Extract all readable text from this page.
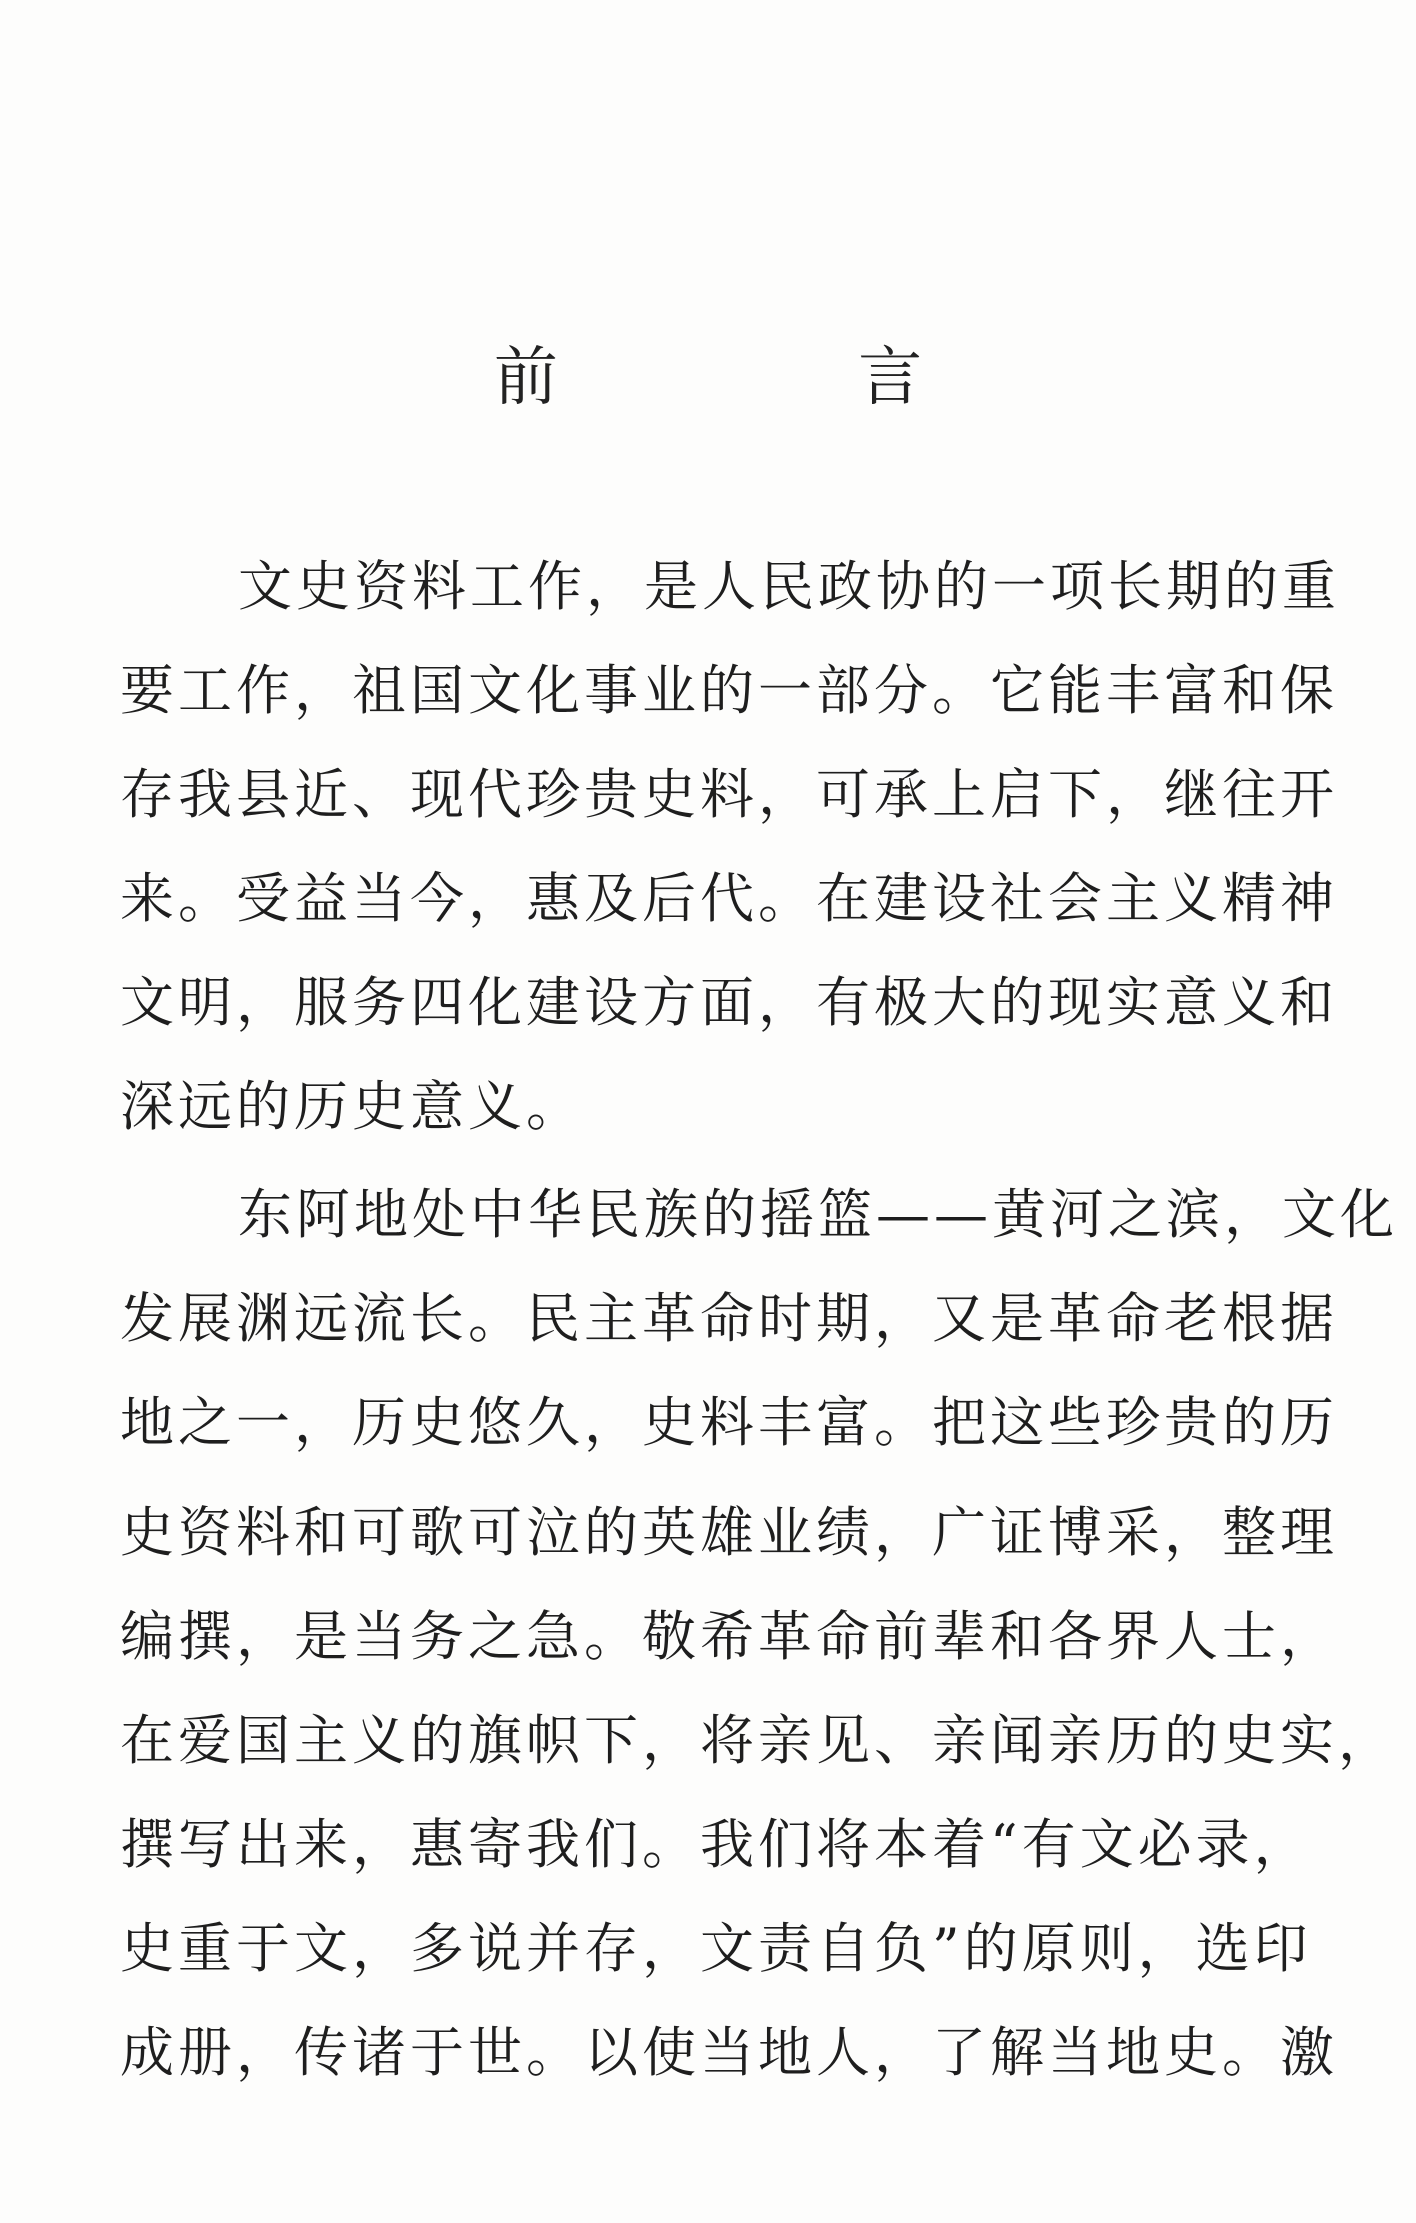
前 言
文史资料工作，是人民政协的一项长期的重
要工作，祖国文化事业的一部分。它能丰富和保
存我县近、现代珍贵史料，可承上启下，继往开
来。受益当今，惠及后代。在建设社会主义精神
文明，服务四化建设方面，有极大的现实意义和
深远的历史意义。
东阿地处中华民族的摇篮——黄河之滨，文化
发展渊远流长。民主革命时期，又是革命老根据
地之一，历史悠久，史料丰富。把这些珍贵的历
史资料和可歌可泣的英雄业绩，广证博采，整理
编撰，是当务之急。敬希革命前辈和各界人士，
在爱国主义的旗帜下，将亲见、亲闻亲历的史实，
撰写出来，惠寄我们。我们将本着“有文必录，
史重于文，多说并存，文责自负”的原则，选印
成册，传诸于世。以使当地人，了解当地史。激
